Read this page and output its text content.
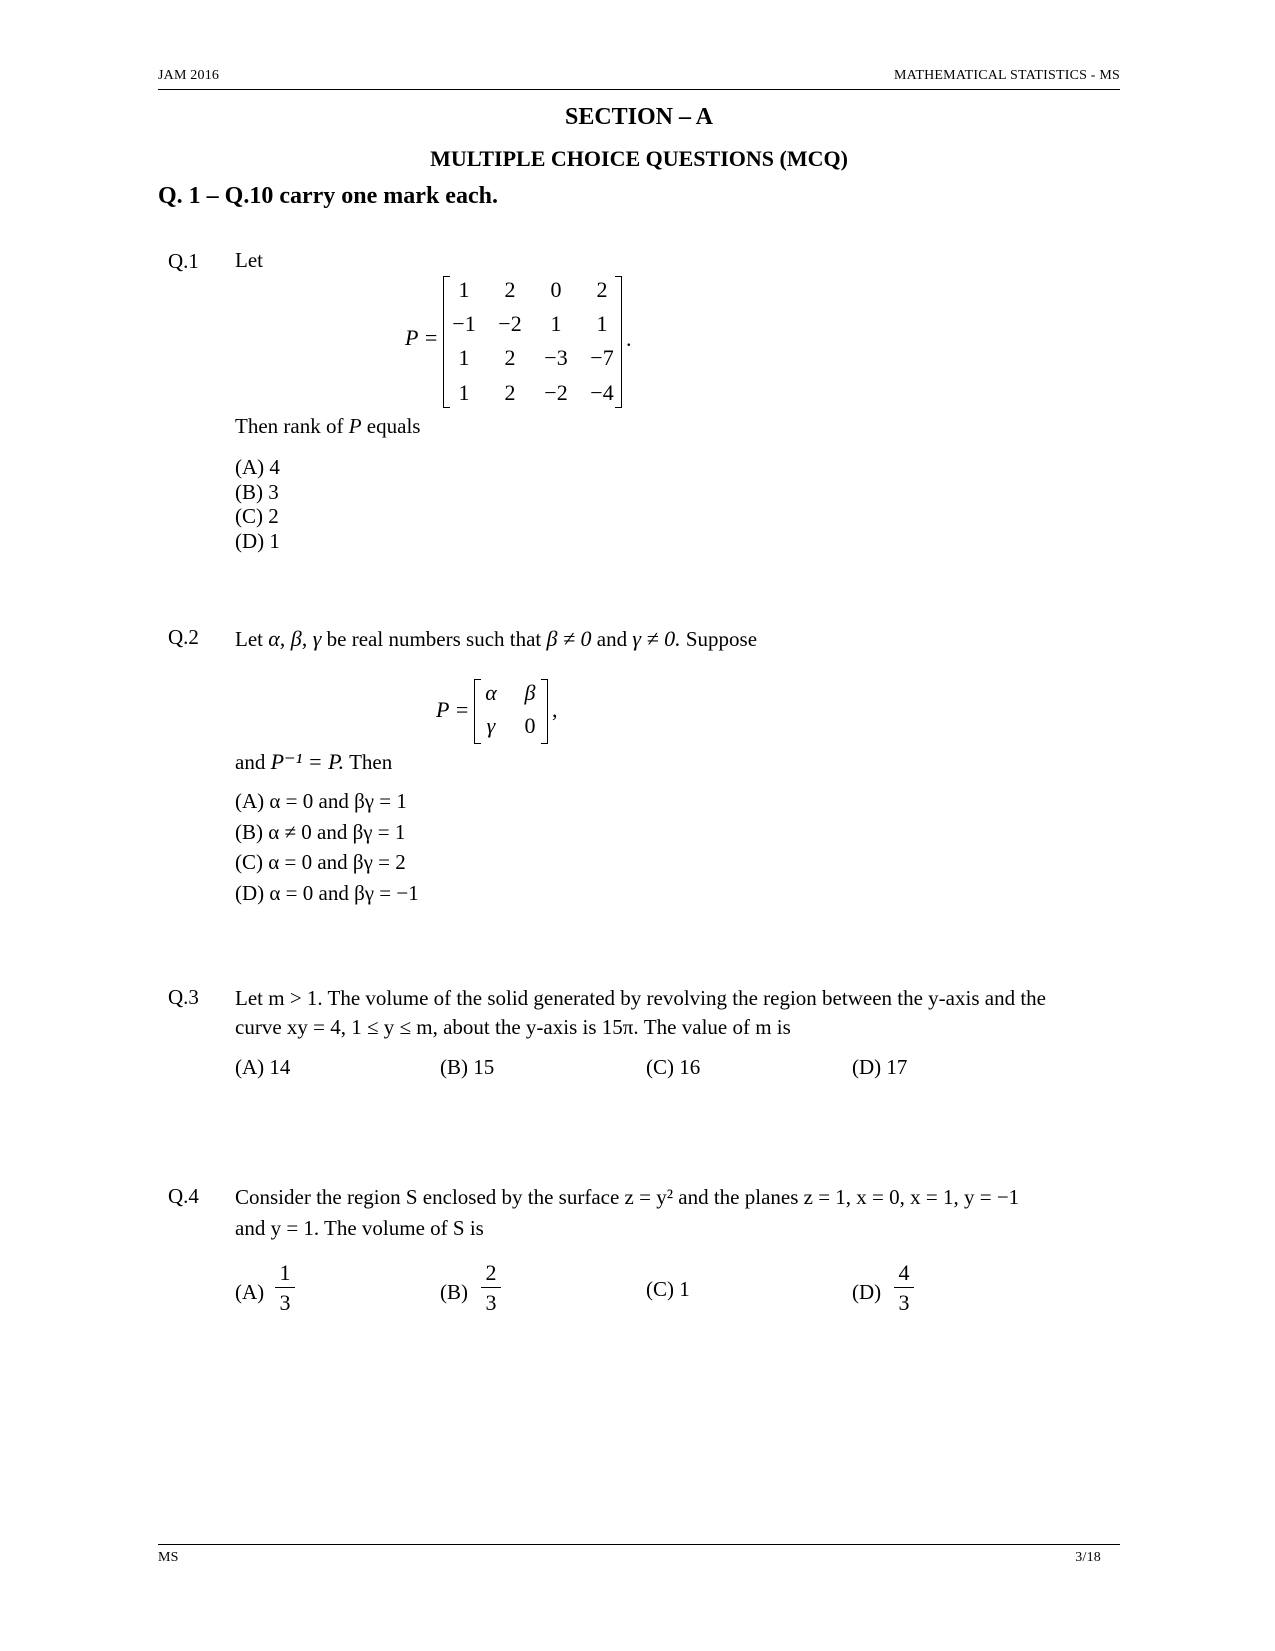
JAM 2016	MATHEMATICAL STATISTICS - MS
SECTION – A
MULTIPLE CHOICE QUESTIONS (MCQ)
Q. 1 – Q.10 carry one mark each.
Q.1 Let
P =
1	2	0	2
−1	−2	1	1
1	2	−3	−7
1	2	−2	−4
.
Then rank of P equals
(A) 4
(B) 3
(C) 2
(D) 1
Q.2 Let α, β, γ be real numbers such that β ≠ 0 and γ ≠ 0. Suppose
P =
α	β
γ	0
,
and P⁻¹ = P. Then
(A) α = 0 and βγ = 1
(B) α ≠ 0 and βγ = 1
(C) α = 0 and βγ = 2
(D) α = 0 and βγ = −1
Q.3 Let m > 1. The volume of the solid generated by revolving the region between the y-axis and the
curve xy = 4, 1 ≤ y ≤ m, about the y-axis is 15π. The value of m is
(A) 14	(B) 15	(C) 16	(D) 17
Q.4 Consider the region S enclosed by the surface z = y² and the planes z = 1, x = 0, x = 1, y = −1
and y = 1. The volume of S is
(A)
1
3	(B)
2
3
(C) 1	(D)
4
3
MS	3/18
